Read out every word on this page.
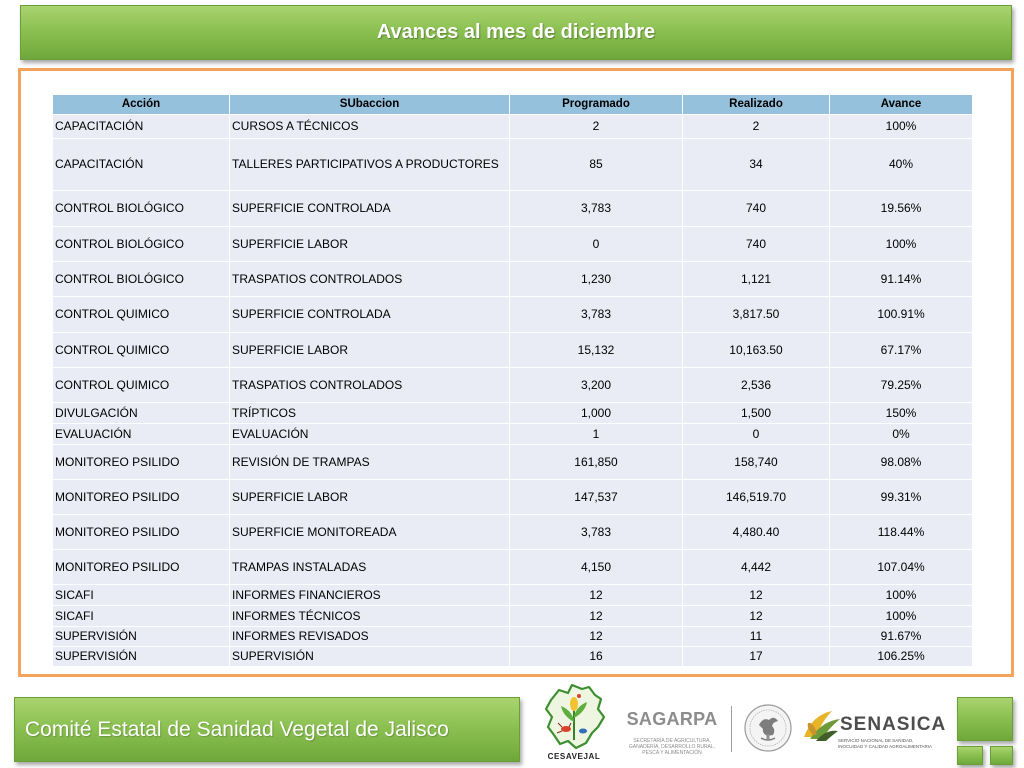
Avances al mes de diciembre
Acción	SUbaccion	Programado	Realizado	Avance
CAPACITACIÓN	CURSOS A TÉCNICOS	2	2	100%
CAPACITACIÓN	TALLERES PARTICIPATIVOS A PRODUCTORES	85	34	40%
CONTROL BIOLÓGICO	SUPERFICIE CONTROLADA	3,783	740	19.56%
CONTROL BIOLÓGICO	SUPERFICIE LABOR	0	740	100%
CONTROL BIOLÓGICO	TRASPATIOS CONTROLADOS	1,230	1,121	91.14%
CONTROL QUIMICO	SUPERFICIE CONTROLADA	3,783	3,817.50	100.91%
CONTROL QUIMICO	SUPERFICIE LABOR	15,132	10,163.50	67.17%
CONTROL QUIMICO	TRASPATIOS CONTROLADOS	3,200	2,536	79.25%
DIVULGACIÓN	TRÍPTICOS	1,000	1,500	150%
EVALUACIÓN	EVALUACIÓN	1	0	0%
MONITOREO PSILIDO	REVISIÓN DE TRAMPAS	161,850	158,740	98.08%
MONITOREO PSILIDO	SUPERFICIE LABOR	147,537	146,519.70	99.31%
MONITOREO PSILIDO	SUPERFICIE MONITOREADA	3,783	4,480.40	118.44%
MONITOREO PSILIDO	TRAMPAS INSTALADAS	4,150	4,442	107.04%
SICAFI	INFORMES FINANCIEROS	12	12	100%
SICAFI	INFORMES TÉCNICOS	12	12	100%
SUPERVISIÓN	INFORMES REVISADOS	12	11	91.67%
SUPERVISIÓN	SUPERVISIÓN	16	17	106.25%
Comité Estatal de Sanidad Vegetal de Jalisco
CESAVEJAL
SAGARPA
SECRETARÍA DE AGRICULTURA,
GANADERÍA, DESARROLLO RURAL,
PESCA Y ALIMENTACIÓN
SENASICA
SERVICIO NACIONAL DE SANIDAD,
INOCUIDAD Y CALIDAD AGROALIMENTARIA
